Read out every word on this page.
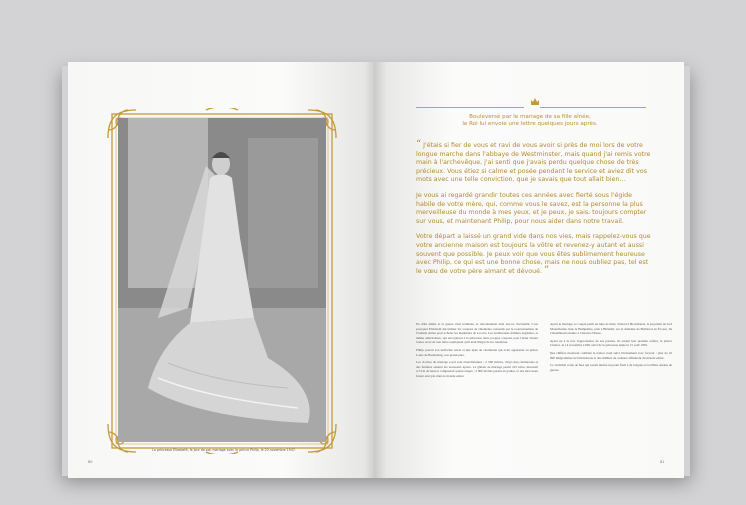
La princesse Elizabeth, le jour de son mariage avec le prince Philip, le 20 novembre 1947.
80
Bouleversé par le mariage de sa fille aînée,
le Roi lui envoie une lettre quelques jours après.

“ J'étais si fier de vous et ravi de vous avoir si près de moi lors de votre longue marche dans l'abbaye de Westminster, mais quand j'ai remis votre main à l'archevêque, j'ai senti que j'avais perdu quelque chose de très précieux. Vous étiez si calme et posée pendant le service et aviez dit vos mots avec une telle conviction, que je savais que tout allait bien…

Je vous ai regardé grandir toutes ces années avec fierté sous l'égide habile de votre mère, qui, comme vous le savez, est la personne la plus merveilleuse du monde à mes yeux, et je peux, je sais, toujours compter sur vous, et maintenant Philip, pour nous aider dans notre travail.

Votre départ a laissé un grand vide dans nos vies, mais rappelez-vous que votre ancienne maison est toujours la vôtre et revenez-y autant et aussi souvent que possible. Je peux voir que vous êtes sublimement heureuse avec Philip, ce qui est une bonne chose, mais ne nous oubliez pas, tel est le vœu de votre père aimant et dévoué. ”

En effet même si la guerre était terminée, le rationnement était encore d'actualité. C'est pourquoi Elizabeth dut utiliser les coupons de vêtements consentis par le Gouvernement de Clement Attlee pour acheter les matériaux de sa robe. Les nombreuses femmes anglaises, et même américaines, qui envoyèrent à la princesse leurs propres coupons pour l'aider durent toutes recevoir une lettre expliquant qu'il était illégal de les transférer.

Philip portait son uniforme naval et une épée de cérémonie qui avait appartenu au prince Louis de Battenberg, son grand-père.

Les cloches du mariage royal sont étourdissantes : 2 500 invités, vingt-cinq cérémonies et des fanfares saluent les nouveaux époux. Le gâteau de mariage pesait 225 kilos, mesurait 2,74 m de haut et comprenait quatre étages ; 2 000 invités purent en goûter, et des morceaux furent envoyés dans le monde entier.

Après le mariage, le couple partit en lune de miel, d'abord à Broadlands, la propriété de lord Mountbatten dans le Hampshire, puis à Birkhall, sur le domaine de Balmoral en Écosse. Ils s'installèrent ensuite à Clarence House.

Ayant eu à la fois l'approbation de ses parents, ils eurent leur premier enfant, le prince Charles, le 14 novembre 1948, suivi de la princesse Anne le 15 août 1950.

Des chiffres montrent combien la nation avait suivi l'événement avec ferveur : plus de 10 000 télégrammes de félicitations et des milliers de cadeaux affluèrent du monde entier.

Ce véritable conte de fées qui venait mettre un point final à de longues et terribles années de guerre.

81
